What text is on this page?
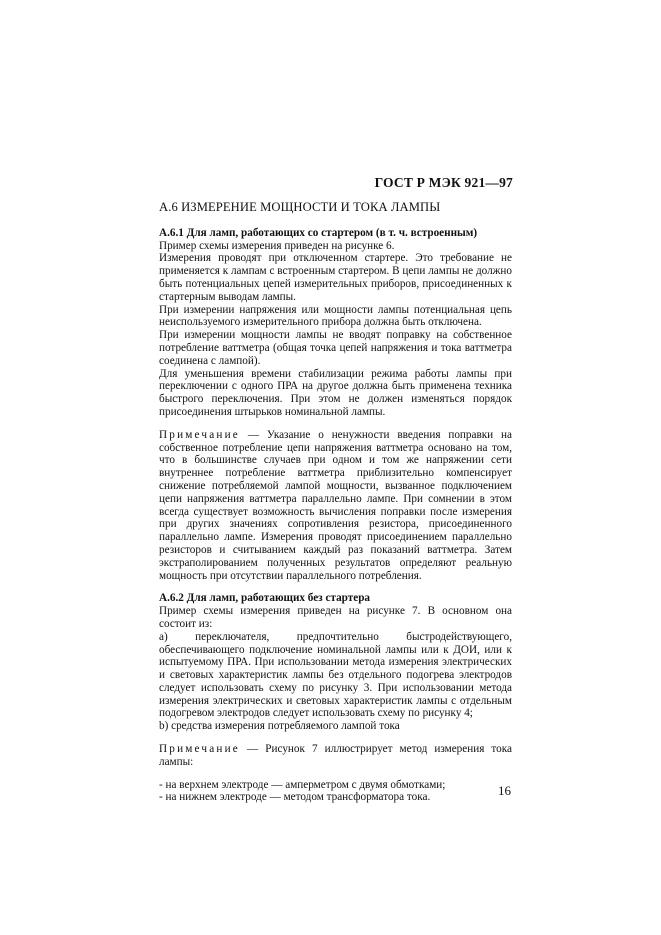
ГОСТ Р МЭК 921—97
А.6 ИЗМЕРЕНИЕ МОЩНОСТИ И ТОКА ЛАМПЫ

А.6.1 Для ламп, работающих со стартером (в т. ч. встроенным)

Пример схемы измерения приведен на рисунке 6.

Измерения проводят при отключенном стартере. Это требование не применяется к лампам с встроенным стартером. В цепи лампы не должно быть потенциальных цепей измерительных приборов, присоединенных к стартерным выводам лампы.

При измерении напряжения или мощности лампы потенциальная цепь неиспользуемого измерительного прибора должна быть отключена.

При измерении мощности лампы не вводят поправку на собственное потребление ваттметра (общая точка цепей напряжения и тока ваттметра соединена с лампой).

Для уменьшения времени стабилизации режима работы лампы при переключении с одного ПРА на другое должна быть применена техника быстрого переключения. При этом не должен изменяться порядок присоединения штырьков номинальной лампы.

Примечание — Указание о ненужности введения поправки на собственное потребление цепи напряжения ваттметра основано на том, что в большинстве случаев при одном и том же напряжении сети внутреннее потребление ваттметра приблизительно компенсирует снижение потребляемой лампой мощности, вызванное подключением цепи напряжения ваттметра параллельно лампе. При сомнении в этом всегда существует возможность вычисления поправки после измерения при других значениях сопротивления резистора, присоединенного параллельно лампе. Измерения проводят присоединением параллельно резисторов и считыванием каждый раз показаний ваттметра. Затем экстраполированием полученных результатов определяют реальную мощность при отсутствии параллельного потребления.

А.6.2 Для ламп, работающих без стартера

Пример схемы измерения приведен на рисунке 7. В основном она состоит из:

a) переключателя, предпочтительно быстродействующего, обеспечивающего подключение номинальной лампы или к ДОИ, или к испытуемому ПРА. При использовании метода измерения электрических и световых характеристик лампы без отдельного подогрева электродов следует использовать схему по рисунку 3. При использовании метода измерения электрических и световых характеристик лампы с отдельным подогревом электродов следует использовать схему по рисунку 4;

b) средства измерения потребляемого лампой тока

Примечание — Рисунок 7 иллюстрирует метод измерения тока лампы:

- на верхнем электроде — амперметром с двумя обмотками;

- на нижнем электроде — методом трансформатора тока.	16
